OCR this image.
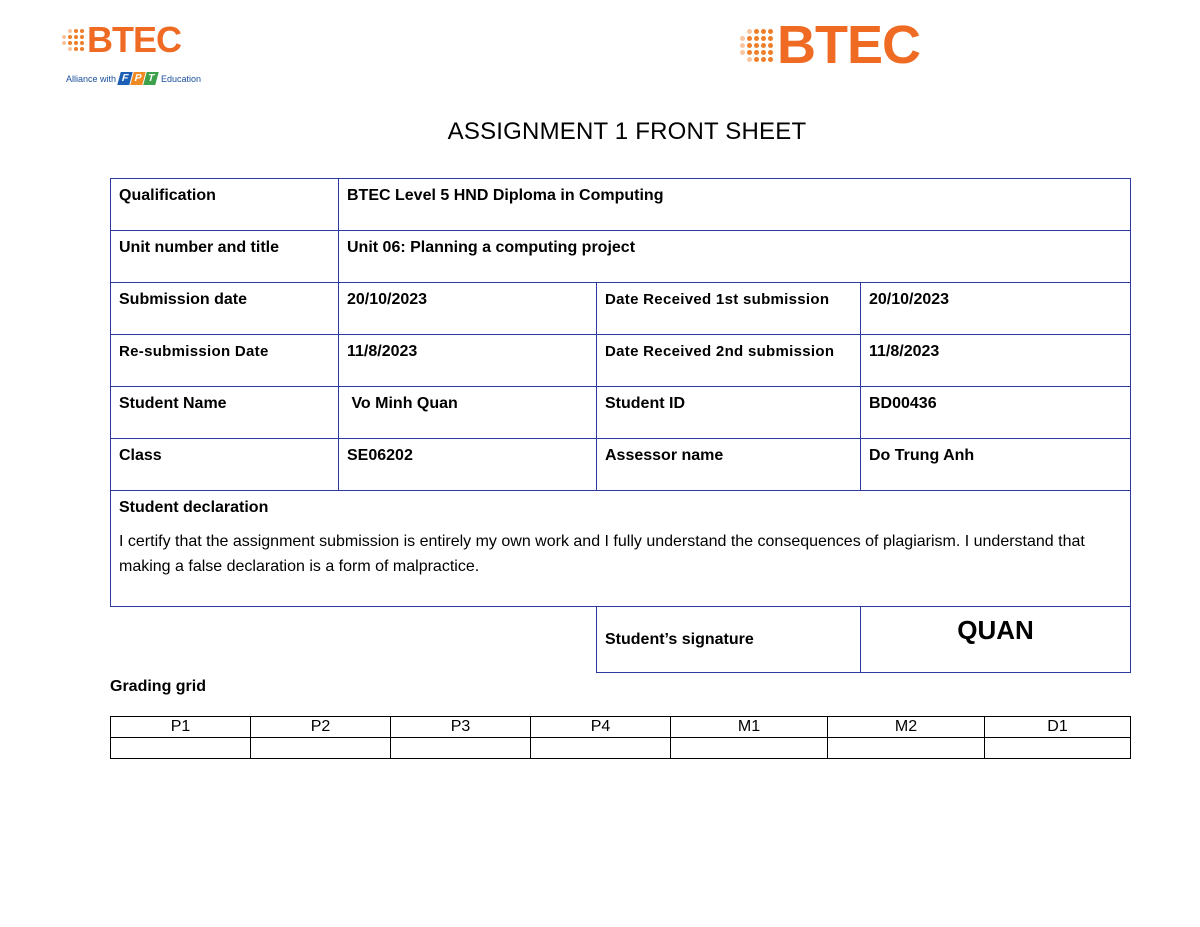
BTEC
Alliance with F P T Education
BTEC
ASSIGNMENT 1 FRONT SHEET
Qualification	BTEC Level 5 HND Diploma in Computing		
Unit number and title	Unit 06: Planning a computing project		
Submission date	20/10/2023	Date Received 1st submission	20/10/2023
Re-submission Date	11/8/2023	Date Received 2nd submission	11/8/2023
Student Name	Vo Minh Quan	Student ID	BD00436
Class	SE06202	Assessor name	Do Trung Anh

Student declaration
I certify that the assignment submission is entirely my own work and I fully understand the consequences of plagiarism. I understand that making a false declaration is a form of malpractice.			

		Student’s signature	QUAN
Grading grid
P1	P2	P3	P4	M1	M2	D1
